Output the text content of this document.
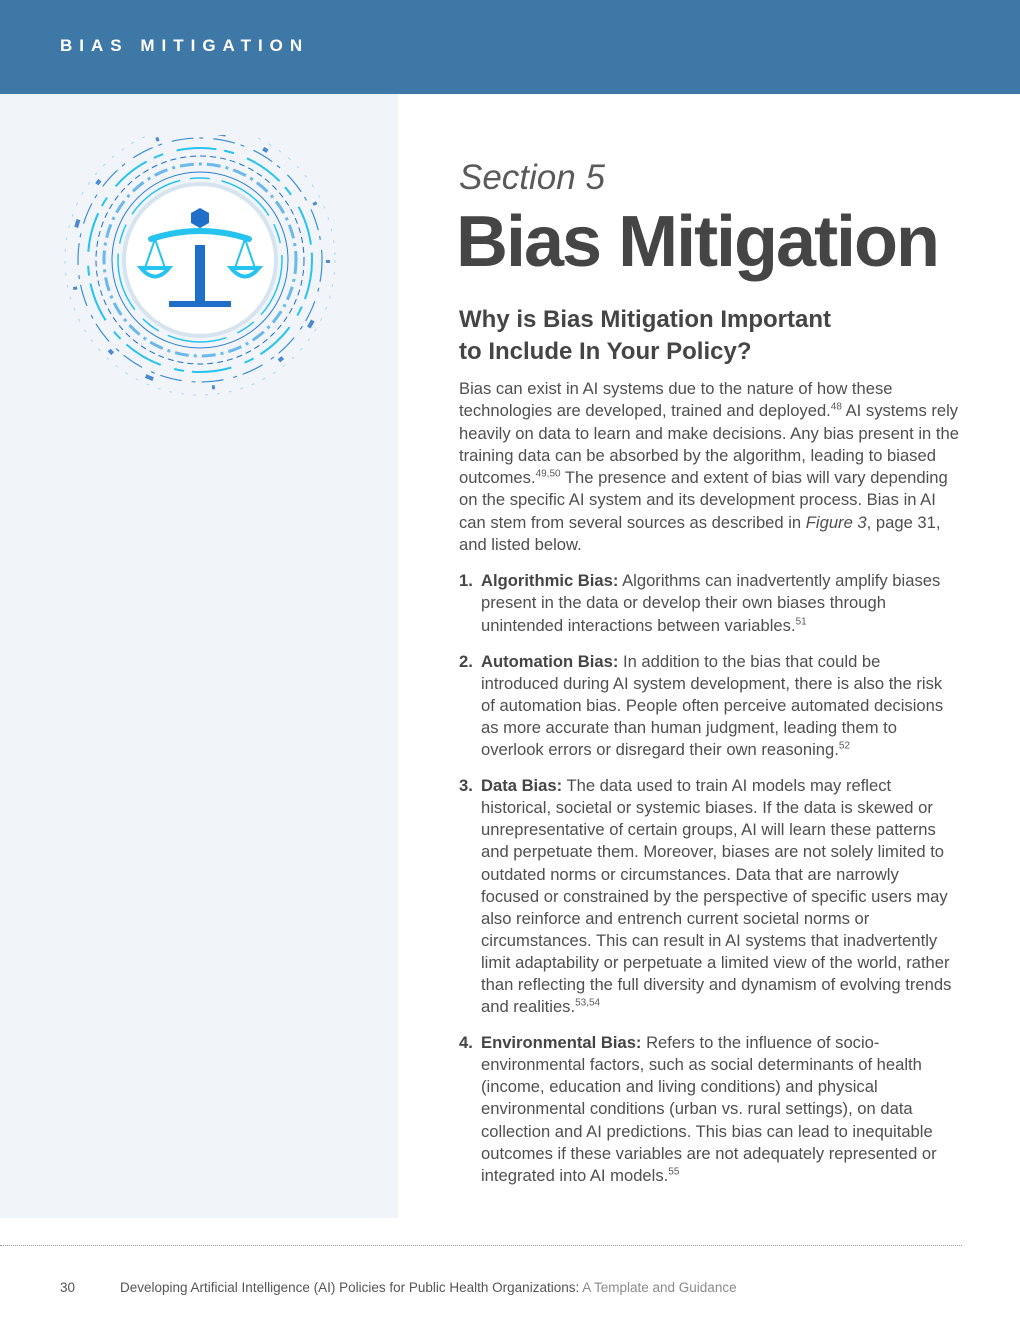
BIAS MITIGATION

Section 5

Bias Mitigation
Why is Bias Mitigation Important
to Include In Your Policy?

Bias can exist in AI systems due to the nature of how these technologies are developed, trained and deployed.$^{48}$ AI systems rely heavily on data to learn and make decisions. Any bias present in the training data can be absorbed by the algorithm, leading to biased outcomes.$^{49,50}$ The presence and extent of bias will vary depending on the specific AI system and its development process. Bias in AI can stem from several sources as described in Figure 3, page 31, and listed below.

1. Algorithmic Bias: Algorithms can inadvertently amplify biases present in the data or develop their own biases through unintended interactions between variables.$^{51}$
2. Automation Bias: In addition to the bias that could be introduced during AI system development, there is also the risk of automation bias. People often perceive automated decisions as more accurate than human judgment, leading them to overlook errors or disregard their own reasoning.$^{52}$
3. Data Bias: The data used to train AI models may reflect historical, societal or systemic biases. If the data is skewed or unrepresentative of certain groups, AI will learn these patterns and perpetuate them. Moreover, biases are not solely limited to outdated norms or circumstances. Data that are narrowly focused or constrained by the perspective of specific users may also reinforce and entrench current societal norms or circumstances. This can result in AI systems that inadvertently limit adaptability or perpetuate a limited view of the world, rather than reflecting the full diversity and dynamism of evolving trends and realities.$^{53,54}$
4. Environmental Bias: Refers to the influence of socio-environmental factors, such as social determinants of health (income, education and living conditions) and physical environmental conditions (urban vs. rural settings), on data collection and AI predictions. This bias can lead to inequitable outcomes if these variables are not adequately represented or integrated into AI models.$^{55}$
30	Developing Artificial Intelligence (AI) Policies for Public Health Organizations: A Template and Guidance
